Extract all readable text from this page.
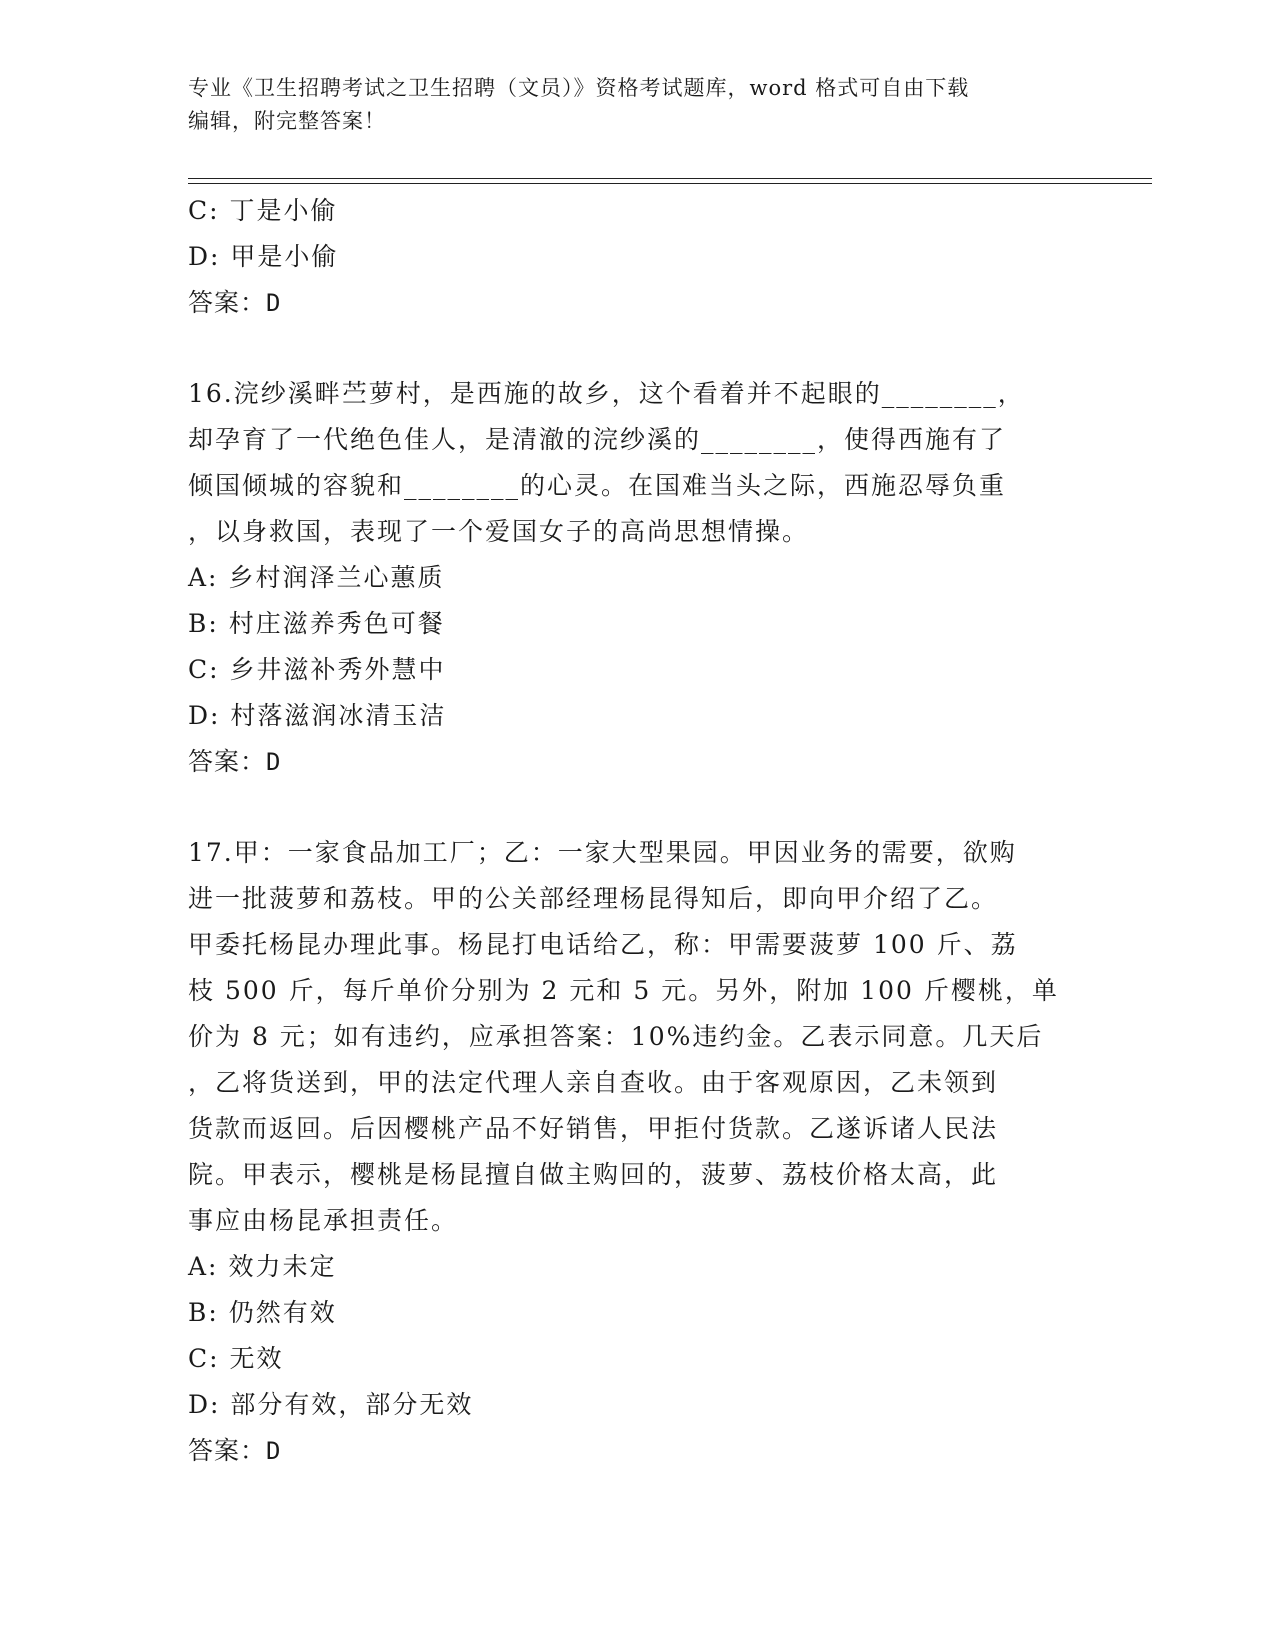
专业《卫生招聘考试之卫生招聘（文员）》资格考试题库，word 格式可自由下载
编辑，附完整答案！
C: 丁是小偷
D: 甲是小偷
答案：D
16.浣纱溪畔苎萝村，是西施的故乡，这个看着并不起眼的________，
却孕育了一代绝色佳人，是清澈的浣纱溪的________，使得西施有了
倾国倾城的容貌和________的心灵。在国难当头之际，西施忍辱负重
，以身救国，表现了一个爱国女子的高尚思想情操。
A: 乡村润泽兰心蕙质
B: 村庄滋养秀色可餐
C: 乡井滋补秀外慧中
D: 村落滋润冰清玉洁
答案：D
17.甲：一家食品加工厂；乙：一家大型果园。甲因业务的需要，欲购
进一批菠萝和荔枝。甲的公关部经理杨昆得知后，即向甲介绍了乙。
甲委托杨昆办理此事。杨昆打电话给乙，称：甲需要菠萝 100 斤、荔
枝 500 斤，每斤单价分别为 2 元和 5 元。另外，附加 100 斤樱桃，单
价为 8 元；如有违约，应承担答案：10%违约金。乙表示同意。几天后
，乙将货送到，甲的法定代理人亲自查收。由于客观原因，乙未领到
货款而返回。后因樱桃产品不好销售，甲拒付货款。乙遂诉诸人民法
院。甲表示，樱桃是杨昆擅自做主购回的，菠萝、荔枝价格太高，此
事应由杨昆承担责任。
A: 效力未定
B: 仍然有效
C: 无效
D: 部分有效，部分无效
答案：D
